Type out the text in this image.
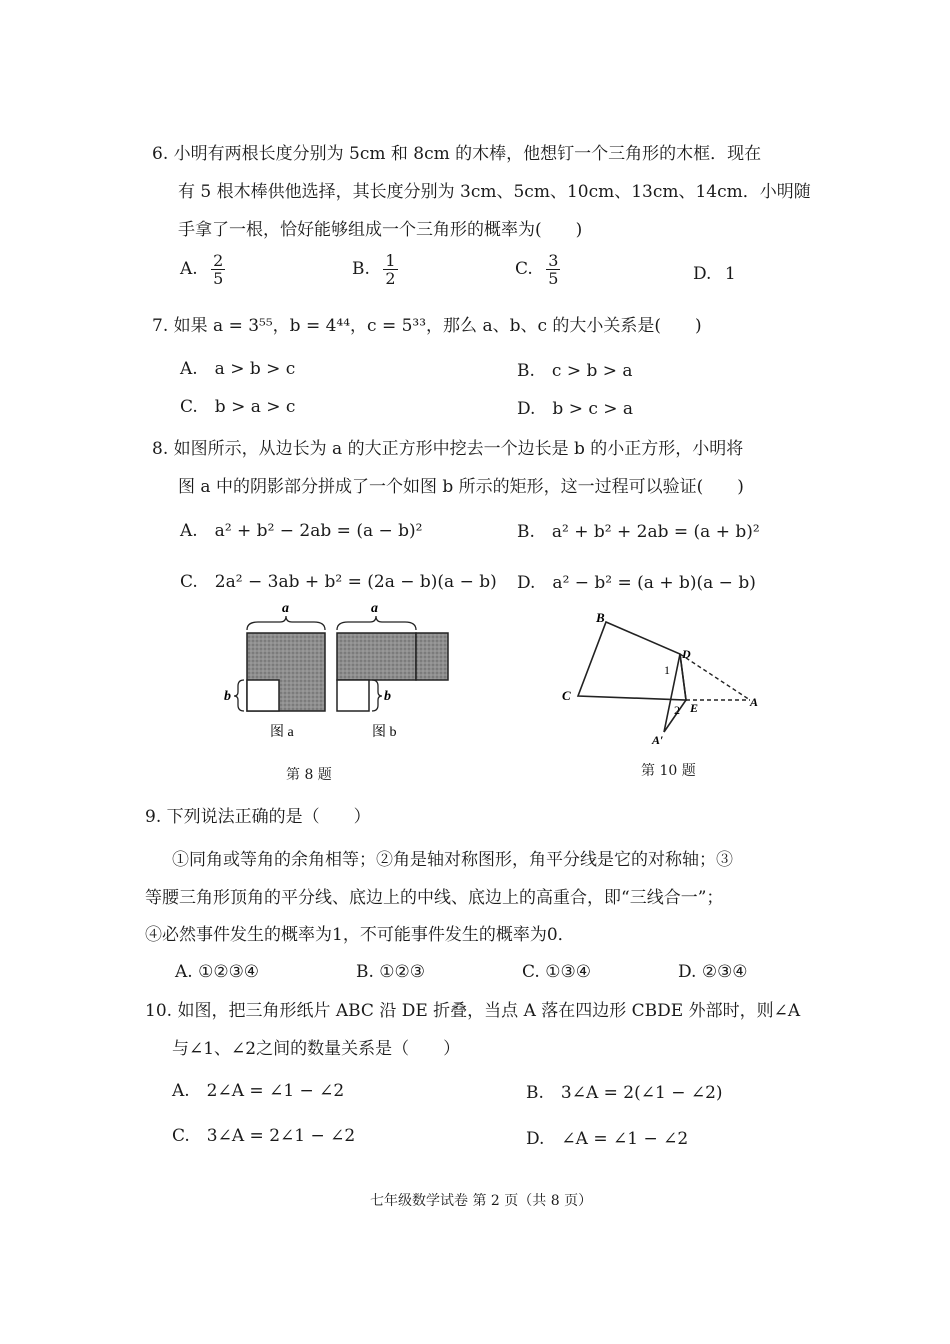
6. 小明有两根长度分别为 5cm 和 8cm 的木棒，他想钉一个三角形的木框．现在
有 5 根木棒供他选择，其长度分别为 3cm、5cm、10cm、13cm、14cm．小明随
手拿了一根，恰好能够组成一个三角形的概率为(　　)
A. $\frac{2}{5}$	B. $\frac{1}{2}$	C. $\frac{3}{5}$	D. 1
7. 如果 a = 3⁵⁵，b = 4⁴⁴，c = 5³³，那么 a、b、c 的大小关系是(　　)
A.　a > b > c	B.　c > b > a
C.　b > a > c	D.　b > c > a
8. 如图所示，从边长为 a 的大正方形中挖去一个边长是 b 的小正方形，小明将
图 a 中的阴影部分拼成了一个如图 b 所示的矩形，这一过程可以验证(　　)
A.　a² + b² − 2ab = (a − b)²	B.　a² + b² + 2ab = (a + b)²
C.　2a² − 3ab + b² = (2a − b)(a − b) D.　a² − b² = (a + b)(a − b)
a
b
图 a
a
b
图 b
第 8 题
B
C
D
E	A
A′
1
2
第 10 题
9. 下列说法正确的是（　　）
①同角或等角的余角相等；②角是轴对称图形，角平分线是它的对称轴；③
等腰三角形顶角的平分线、底边上的中线、底边上的高重合，即“三线合一”；
④必然事件发生的概率为1，不可能事件发生的概率为0．
A. ①②③④	B. ①②③	C. ①③④	D. ②③④
10. 如图，把三角形纸片 ABC 沿 DE 折叠，当点 A 落在四边形 CBDE 外部时，则∠A
与∠1、∠2之间的数量关系是（　　）
A.　2∠A = ∠1 − ∠2	B.　3∠A = 2(∠1 − ∠2)
C.　3∠A = 2∠1 − ∠2	D.　∠A = ∠1 − ∠2
七年级数学试卷 第 2 页（共 8 页）
